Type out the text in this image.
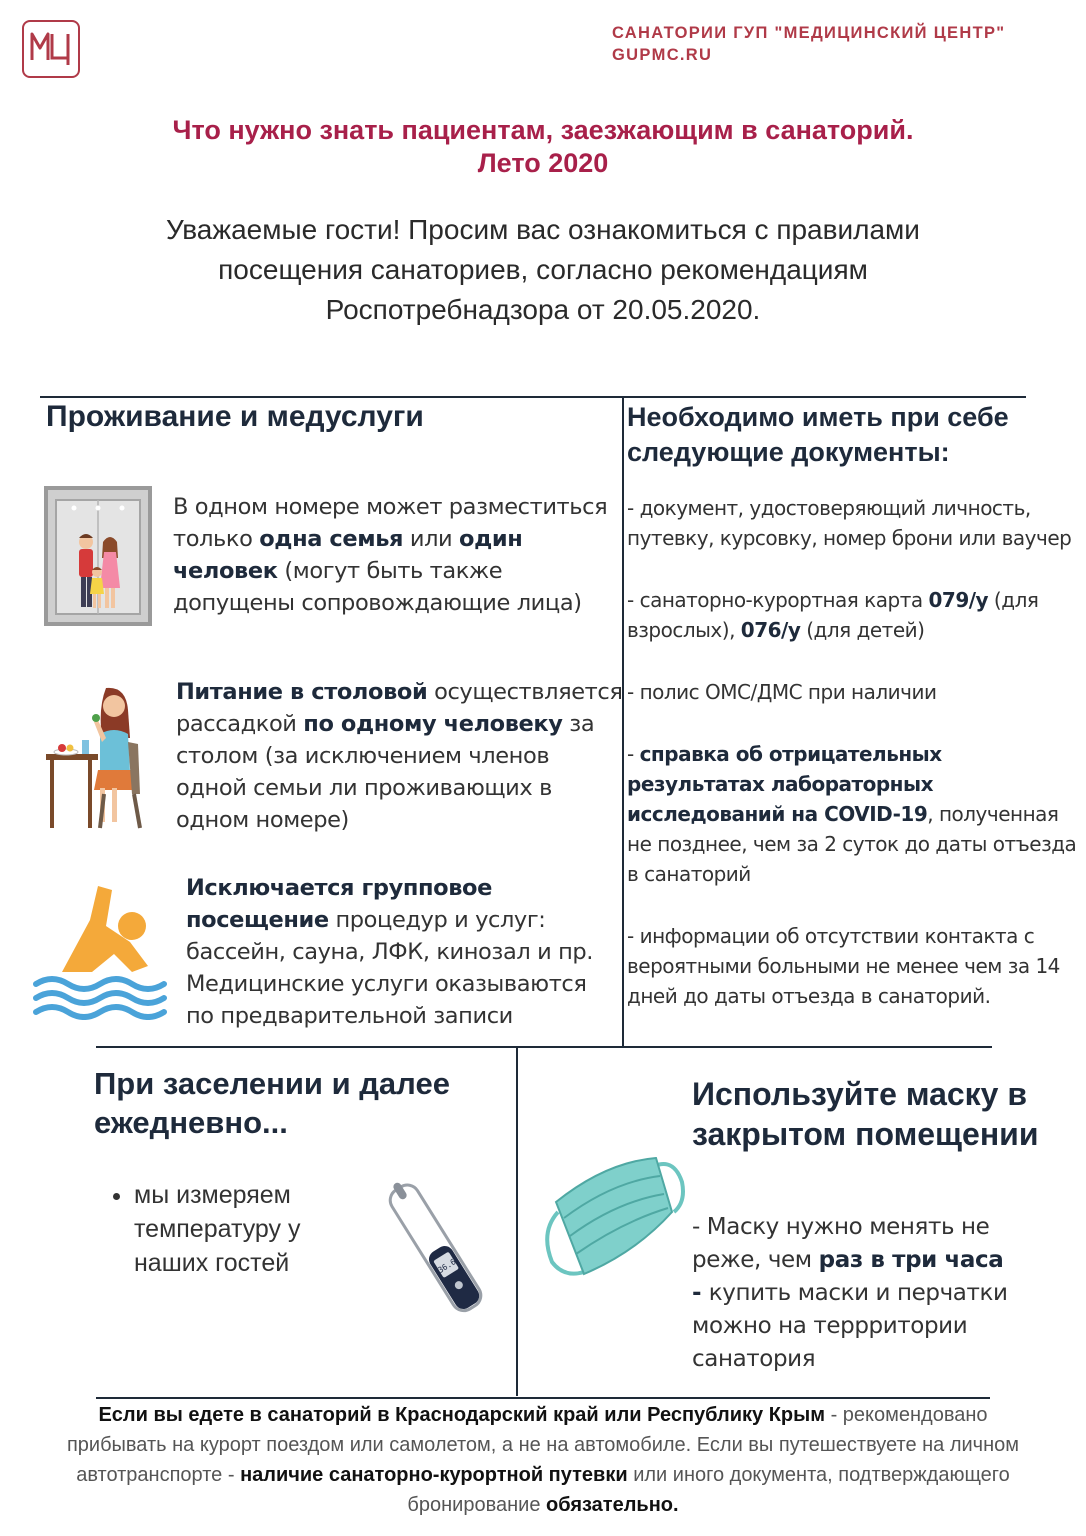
САНАТОРИИ ГУП "МЕДИЦИНСКИЙ ЦЕНТР"
GUPMC.RU
Что нужно знать пациентам, заезжающим в санаторий.
Лето 2020
Уважаемые гости! Просим вас ознакомиться с правилами
посещения санаториев, согласно рекомендациям
Роспотребнадзора от 20.05.2020.
Проживание и медуслуги
В одном номере может разместиться только одна семья или один человек (могут быть также допущены сопровождающие лица)
Питание в столовой осуществляется рассадкой по одному человеку за столом (за исключением членов одной семьи ли проживающих в одном номере)
Исключается групповое посещение процедур и услуг: бассейн, сауна, ЛФК, кинозал и пр. Медицинские услуги оказываются по предварительной записи
Необходимо иметь при себе следующие документы:

- документ, удостоверяющий личность, путевку, курсовку, номер брони или ваучер

- санаторно-курортная карта 079/у (для взрослых), 076/у (для детей)

- полис ОМС/ДМС при наличии

- справка об отрицательных результатах лабораторных исследований на COVID-19, полученная не позднее, чем за 2 суток до даты отъезда в санаторий

- информации об отсутствии контакта с вероятными больными не менее чем за 14 дней до даты отъезда в санаторий.

При заселении и далее ежедневно...
• мы измеряем температуру у наших гостей	36.6
Используйте маску в закрытом помещении
- Маску нужно менять не реже, чем раз в три часа
- купить маски и перчатки можно на террритории санатория
Если вы едете в санаторий в Краснодарский край или Республику Крым - рекомендовано прибывать на курорт поездом или самолетом, а не на автомобиле. Если вы путешествуете на личном автотранспорте - наличие санаторно-курортной путевки или иного документа, подтверждающего бронирование обязательно.
